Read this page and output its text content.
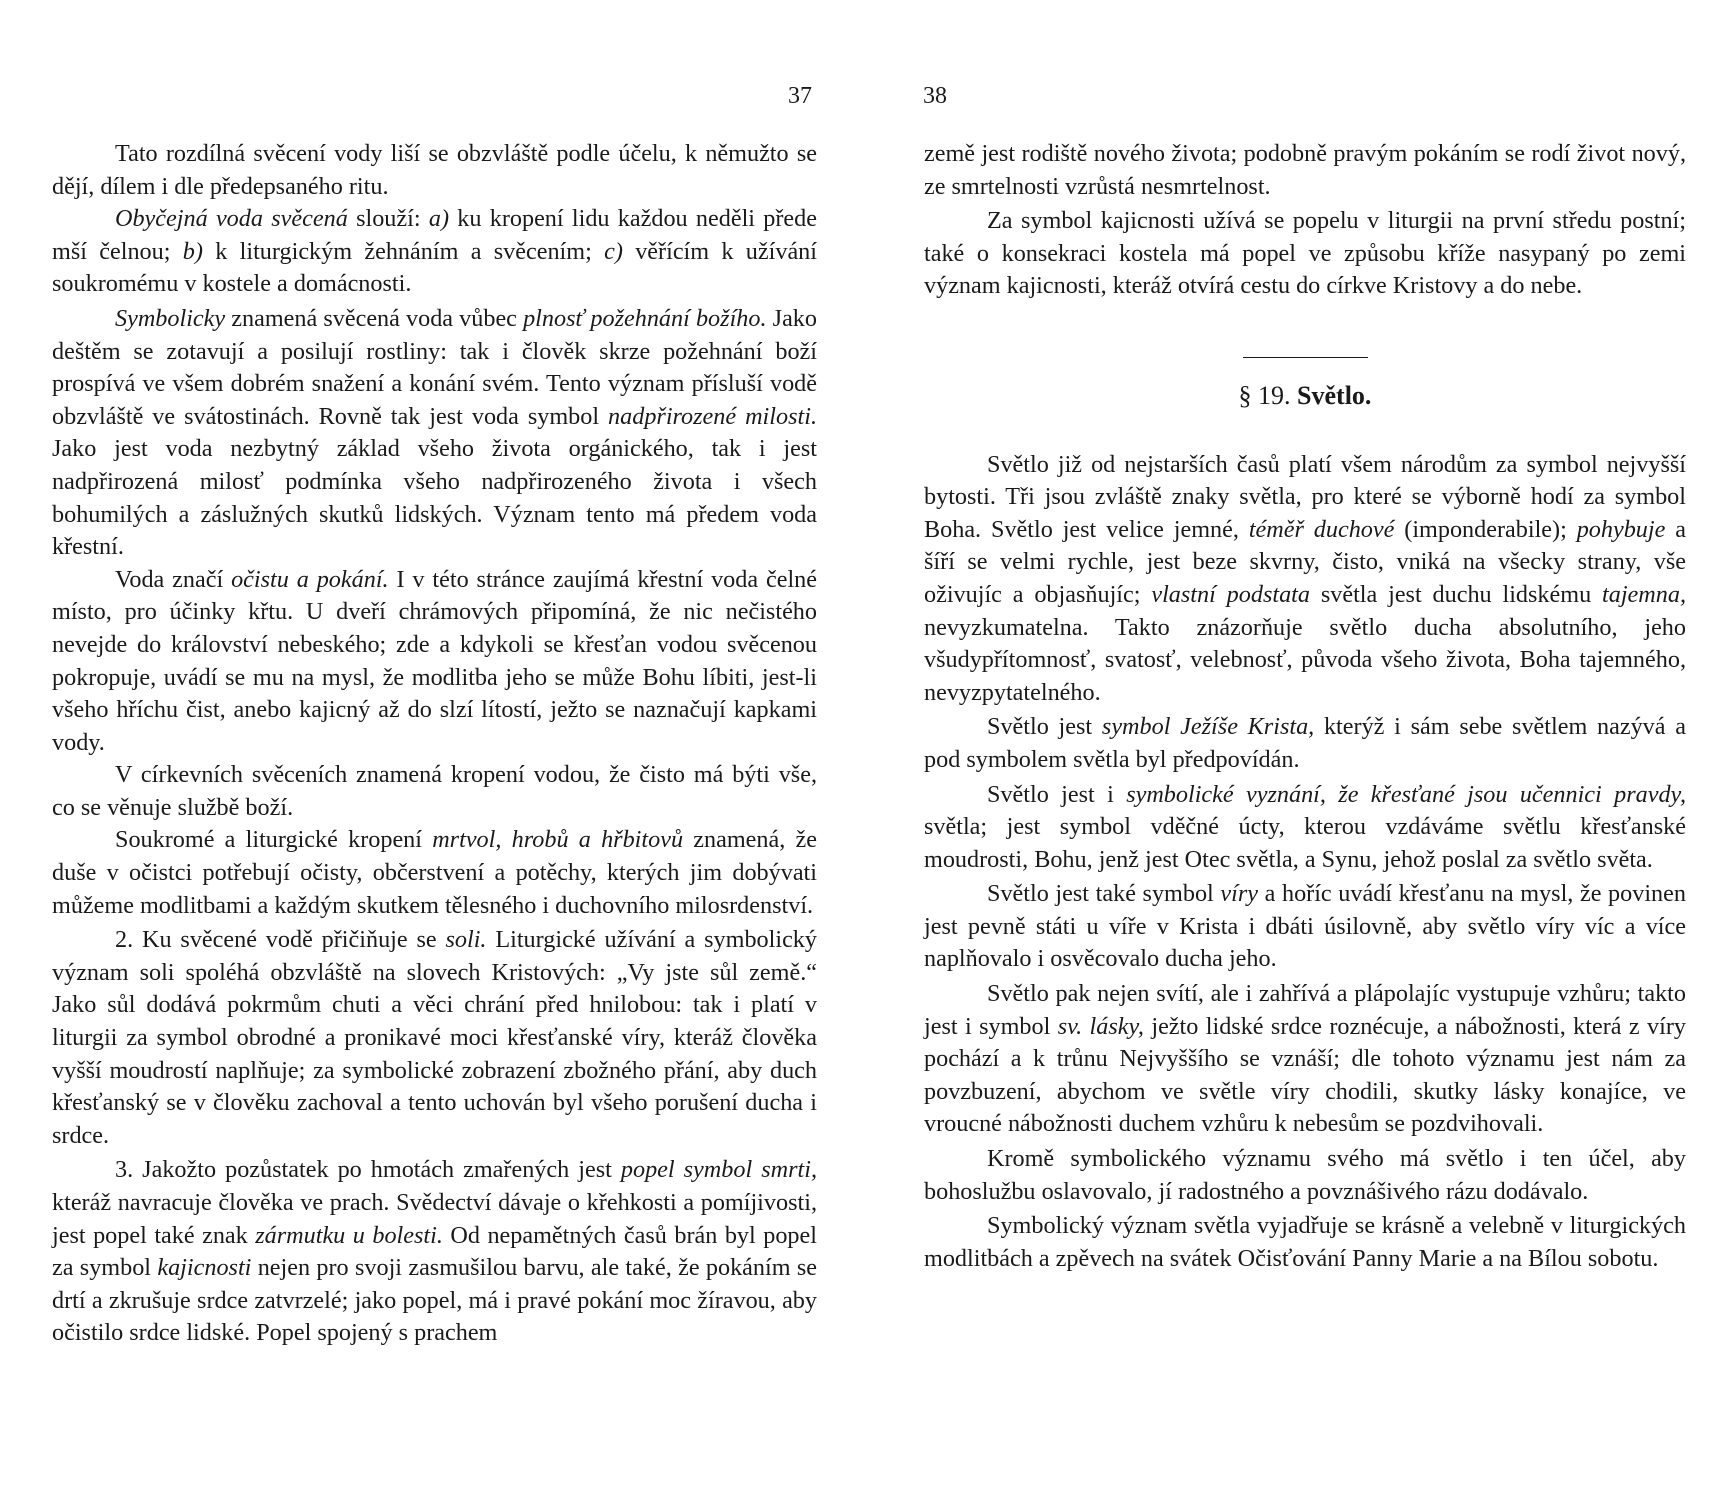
37

Tato rozdílná svěcení vody liší se obzvláště podle účelu, k němužto se dějí, dílem i dle předepsaného ritu.

Obyčejná voda svěcená slouží: a) ku kropení lidu každou neděli přede mší čelnou; b) k liturgickým žehnáním a svěcením; c) věřícím k užívání soukromému v kostele a domácnosti.

Symbolicky znamená svěcená voda vůbec plnosť požehnání božího. Jako deštěm se zotavují a posilují rostliny: tak i člověk skrze požehnání boží prospívá ve všem dobrém snažení a konání svém. Tento význam přísluší vodě obzvláště ve svátostinách. Rovně tak jest voda symbol nadpřirozené milosti. Jako jest voda nezbytný základ všeho života orgánického, tak i jest nadpřirozená milosť podmínka všeho nadpřirozeného života i všech bohumilých a záslužných skutků lidských. Význam tento má předem voda křestní.

Voda značí očistu a pokání. I v této stránce zaujímá křestní voda čelné místo, pro účinky křtu. U dveří chrámových připomíná, že nic nečistého nevejde do království nebeského; zde a kdykoli se křesťan vodou svěcenou pokropuje, uvádí se mu na mysl, že modlitba jeho se může Bohu líbiti, jest-li všeho hříchu čist, anebo kajicný až do slzí lítostí, ježto se naznačují kapkami vody.

V církevních svěceních znamená kropení vodou, že čisto má býti vše, co se věnuje službě boží.

Soukromé a liturgické kropení mrtvol, hrobů a hřbitovů znamená, že duše v očistci potřebují očisty, občerstvení a potěchy, kterých jim dobývati můžeme modlitbami a každým skutkem tělesného i duchovního milosrdenství.

2. Ku svěcené vodě přičiňuje se soli. Liturgické užívání a symbolický význam soli spoléhá obzvláště na slovech Kristových: „Vy jste sůl země.“ Jako sůl dodává pokrmům chuti a věci chrání před hnilobou: tak i platí v liturgii za symbol obrodné a pronikavé moci křesťanské víry, kteráž člověka vyšší moudrostí naplňuje; za symbolické zobrazení zbožného přání, aby duch křesťanský se v člověku zachoval a tento uchován byl všeho porušení ducha i srdce.

3. Jakožto pozůstatek po hmotách zmařených jest popel symbol smrti, kteráž navracuje člověka ve prach. Svědectví dávaje o křehkosti a pomíjivosti, jest popel také znak zármutku u bolesti. Od nepamětných časů brán byl popel za symbol kajicnosti nejen pro svoji zasmušilou barvu, ale také, že pokáním se drtí a zkrušuje srdce zatvrzelé; jako popel, má i pravé pokání moc žíravou, aby očistilo srdce lidské. Popel spojený s prachem

38

země jest rodiště nového života; podobně pravým pokáním se rodí život nový, ze smrtelnosti vzrůstá nesmrtelnost.

Za symbol kajicnosti užívá se popelu v liturgii na první středu postní; také o konsekraci kostela má popel ve způsobu kříže nasypaný po zemi význam kajicnosti, kteráž otvírá cestu do církve Kristovy a do nebe.

§ 19. Světlo.

Světlo již od nejstarších časů platí všem národům za symbol nejvyšší bytosti. Tři jsou zvláště znaky světla, pro které se výborně hodí za symbol Boha. Světlo jest velice jemné, téměř duchové (imponderabile); pohybuje a šíří se velmi rychle, jest beze skvrny, čisto, vniká na všecky strany, vše oživujíc a objasňujíc; vlastní podstata světla jest duchu lidskému tajemna, nevyzkumatelna. Takto znázorňuje světlo ducha absolutního, jeho všudypřítomnosť, svatosť, velebnosť, původa všeho života, Boha tajemného, nevyzpytatelného.

Světlo jest symbol Ježíše Krista, kterýž i sám sebe světlem nazývá a pod symbolem světla byl předpovídán.

Světlo jest i symbolické vyznání, že křesťané jsou učennici pravdy, světla; jest symbol vděčné úcty, kterou vzdáváme světlu křesťanské moudrosti, Bohu, jenž jest Otec světla, a Synu, jehož poslal za světlo světa.

Světlo jest také symbol víry a hoříc uvádí křesťanu na mysl, že povinen jest pevně státi u víře v Krista i dbáti úsilovně, aby světlo víry víc a více naplňovalo i osvěcovalo ducha jeho.

Světlo pak nejen svítí, ale i zahřívá a plápolajíc vystupuje vzhůru; takto jest i symbol sv. lásky, ježto lidské srdce roznécuje, a nábožnosti, která z víry pochází a k trůnu Nejvyššího se vznáší; dle tohoto významu jest nám za povzbuzení, abychom ve světle víry chodili, skutky lásky konajíce, ve vroucné nábožnosti duchem vzhůru k nebesům se pozdvihovali.

Kromě symbolického významu svého má světlo i ten účel, aby bohoslužbu oslavovalo, jí radostného a povznášivého rázu dodávalo.

Symbolický význam světla vyjadřuje se krásně a velebně v liturgických modlitbách a zpěvech na svátek Očisťování Panny Marie a na Bílou sobotu.
